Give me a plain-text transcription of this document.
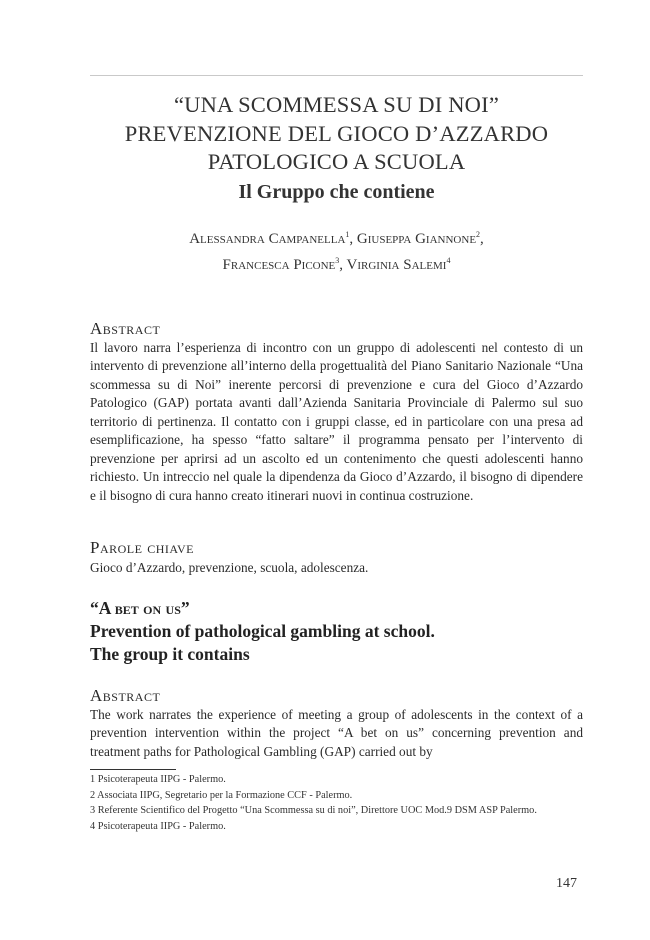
“UNA SCOMMESSA SU DI NOI”
PREVENZIONE DEL GIOCO D’AZZARDO
PATOLOGICO A SCUOLA
Il Gruppo che contiene
Alessandra Campanella$^1$, Giuseppa Giannone$^2$,
Francesca Picone$^3$, Virginia Salemi$^4$
Abstract

Il lavoro narra l’esperienza di incontro con un gruppo di adolescenti nel contesto di un intervento di prevenzione all’interno della progettualità del Piano Sanitario Nazionale “Una scommessa su di Noi” inerente percorsi di prevenzione e cura del Gioco d’Azzardo Patologico (GAP) portata avanti dall’Azienda Sanitaria Provinciale di Palermo sul suo territorio di pertinenza. Il contatto con i gruppi classe, ed in particolare con una presa ad esemplificazione, ha spesso “fatto saltare” il programma pensato per l’intervento di prevenzione per aprirsi ad un ascolto ed un contenimento che questi adolescenti hanno richiesto. Un intreccio nel quale la dipendenza da Gioco d’Azzardo, il bisogno di dipendere e il bisogno di cura hanno creato itinerari nuovi in continua costruzione.

Parole chiave

Gioco d’Azzardo, prevenzione, scuola, adolescenza.

“A bet on us”
Prevention of pathological gambling at school.
The group it contains
Abstract

The work narrates the experience of meeting a group of adolescents in the context of a prevention intervention within the project “A bet on us” concerning prevention and treatment paths for Pathological Gambling (GAP) carried out by

1 Psicoterapeuta IIPG - Palermo.
2 Associata IIPG, Segretario per la Formazione CCF - Palermo.
3 Referente Scientifico del Progetto “Una Scommessa su di noi”, Direttore UOC Mod.9 DSM ASP Palermo.
4 Psicoterapeuta IIPG - Palermo.
147
